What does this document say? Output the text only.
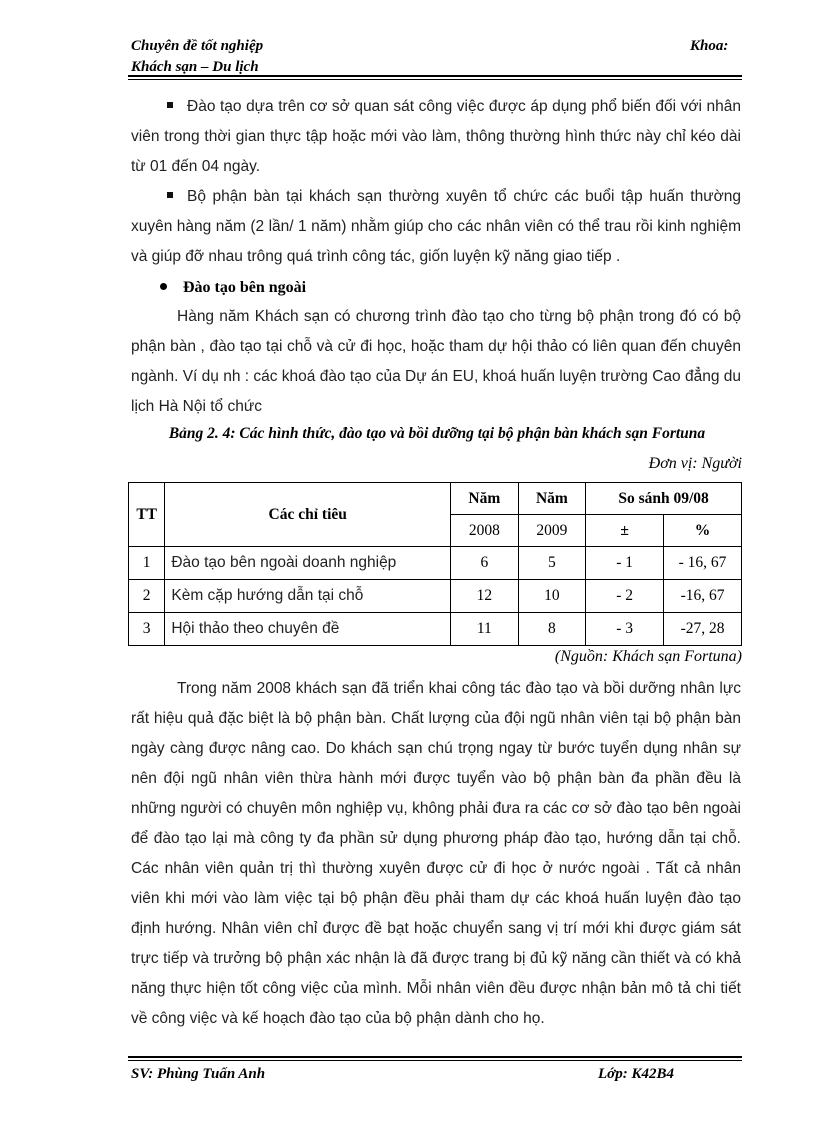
Chuyên đề tốt nghiệp
Khách sạn – Du lịch
Khoa:

Đào tạo dựa trên cơ sở quan sát công việc được áp dụng phổ biến đối với nhân viên trong thời gian thực tập hoặc mới vào làm, thông thường hình thức này chỉ kéo dài từ 01 đến 04 ngày.

Bộ phận bàn tại khách sạn thường xuyên tổ chức các buổi tập huấn thường xuyên hàng năm (2 lần/ 1 năm) nhằm giúp cho các nhân viên có thể trau rồi kinh nghiệm và giúp đỡ nhau trông quá trình công tác, giốn luyện kỹ năng giao tiếp .

Đào tạo bên ngoài

Hàng năm Khách sạn có chương trình đào tạo cho từng bộ phận trong đó có bộ phận bàn , đào tạo tại chỗ và cử đi học, hoặc tham dự hội thảo có liên quan đến chuyên ngành. Ví dụ nh : các khoá đào tạo của Dự án EU, khoá huấn luyện trường Cao đẳng du lịch Hà Nội tổ chức

Bảng 2. 4: Các hình thức, đào tạo và bồi dưỡng tại bộ phận bàn khách sạn Fortuna
Đơn vị: Người
TT	Các chỉ tiêu	Năm	Năm	So sánh 09/08	
		2008	2009	±	%
1	Đào tạo bên ngoài doanh nghiệp	6	5	- 1	- 16, 67
2	Kèm cặp hướng dẫn tại chỗ	12	10	- 2	-16, 67
3	Hội thảo theo chuyên đề	11	8	- 3	-27, 28
(Nguồn: Khách sạn Fortuna)

Trong năm 2008 khách sạn đã triển khai công tác đào tạo và bồi dưỡng nhân lực rất hiệu quả đặc biệt là bộ phận bàn. Chất lượng của đội ngũ nhân viên tại bộ phận bàn ngày càng được nâng cao. Do khách sạn chú trọng ngay từ bước tuyển dụng nhân sự nên đội ngũ nhân viên thừa hành mới được tuyển vào bộ phận bàn đa phần đều là những người có chuyên môn nghiệp vụ, không phải đưa ra các cơ sở đào tạo bên ngoài để đào tạo lại mà công ty đa phần sử dụng phương pháp đào tạo, hướng dẫn tại chỗ. Các nhân viên quản trị thì thường xuyên được cử đi học ở nước ngoài . Tất cả nhân viên khi mới vào làm việc tại bộ phận đều phải tham dự các khoá huấn luyện đào tạo định hướng. Nhân viên chỉ được đề bạt hoặc chuyển sang vị trí mới khi được giám sát trực tiếp và trưởng bộ phận xác nhận là đã được trang bị đủ kỹ năng cần thiết và có khả năng thực hiện tốt công việc của mình. Mỗi nhân viên đều được nhận bản mô tả chi tiết về công việc và kế hoạch đào tạo của bộ phận dành cho họ.

SV: Phùng Tuấn Anh	Lớp: K42B4
